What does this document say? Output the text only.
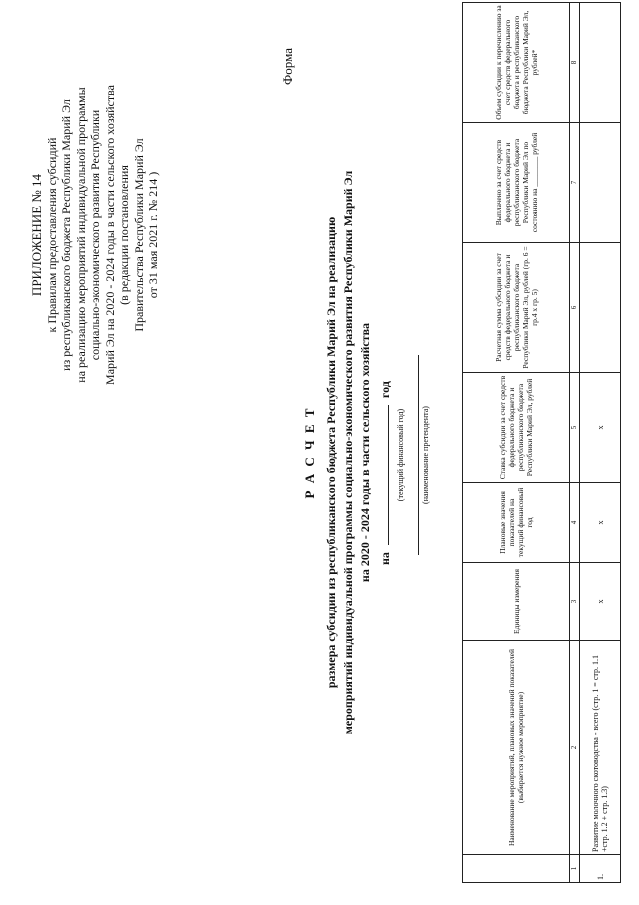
ПРИЛОЖЕНИЕ № 14 к Правилам предоставления субсидий из республиканского бюджета Республики Марий Эл на реализацию мероприятий индивидуальной программы социально-экономического развития Республики Марий Эл на 2020 - 2024 годы в части сельского хозяйства (в редакции постановления Правительства Республики Марий Эл от 31 мая 2021 г. № 214 )
Форма
Р А С Ч Е Т размера субсидии из республиканского бюджета Республики Марий Эл на реализацию мероприятий индивидуальной программы социально-экономического развития Республики Марий Эл на 2020 - 2024 годы в части сельского хозяйства на  год
(текущий финансовый год) (наименование претендента)
	Наименование мероприятий, плановых значений показателей (выбирается нужное мероприятие)	Единицы измерения	Плановые значения показателей на текущий финансовый год	Ставка субсидии за счет средств федерального бюджета и республиканского бюджета Республики Марий Эл, рублей	Расчетная сумма субсидии за счет средств федерального бюджета и республиканского бюджета Республики Марий Эл, рублей (гр. 6 = гр.4 х гр. 5)	Выплачено за счет средств федерального бюджета и республиканского бюджета Республики Марий Эл по состоянию на ________ рублей	Объем субсидии к перечислению за счет средств федерального бюджета и республиканского бюджета Республики Марий Эл, рублей*
1	2	3	4	5	6	7	8
1.	Развитие молочного скотоводства - всего (стр. 1 = стр. 1.1 +стр. 1.2 + стр. 1.3)	х	х	х			
